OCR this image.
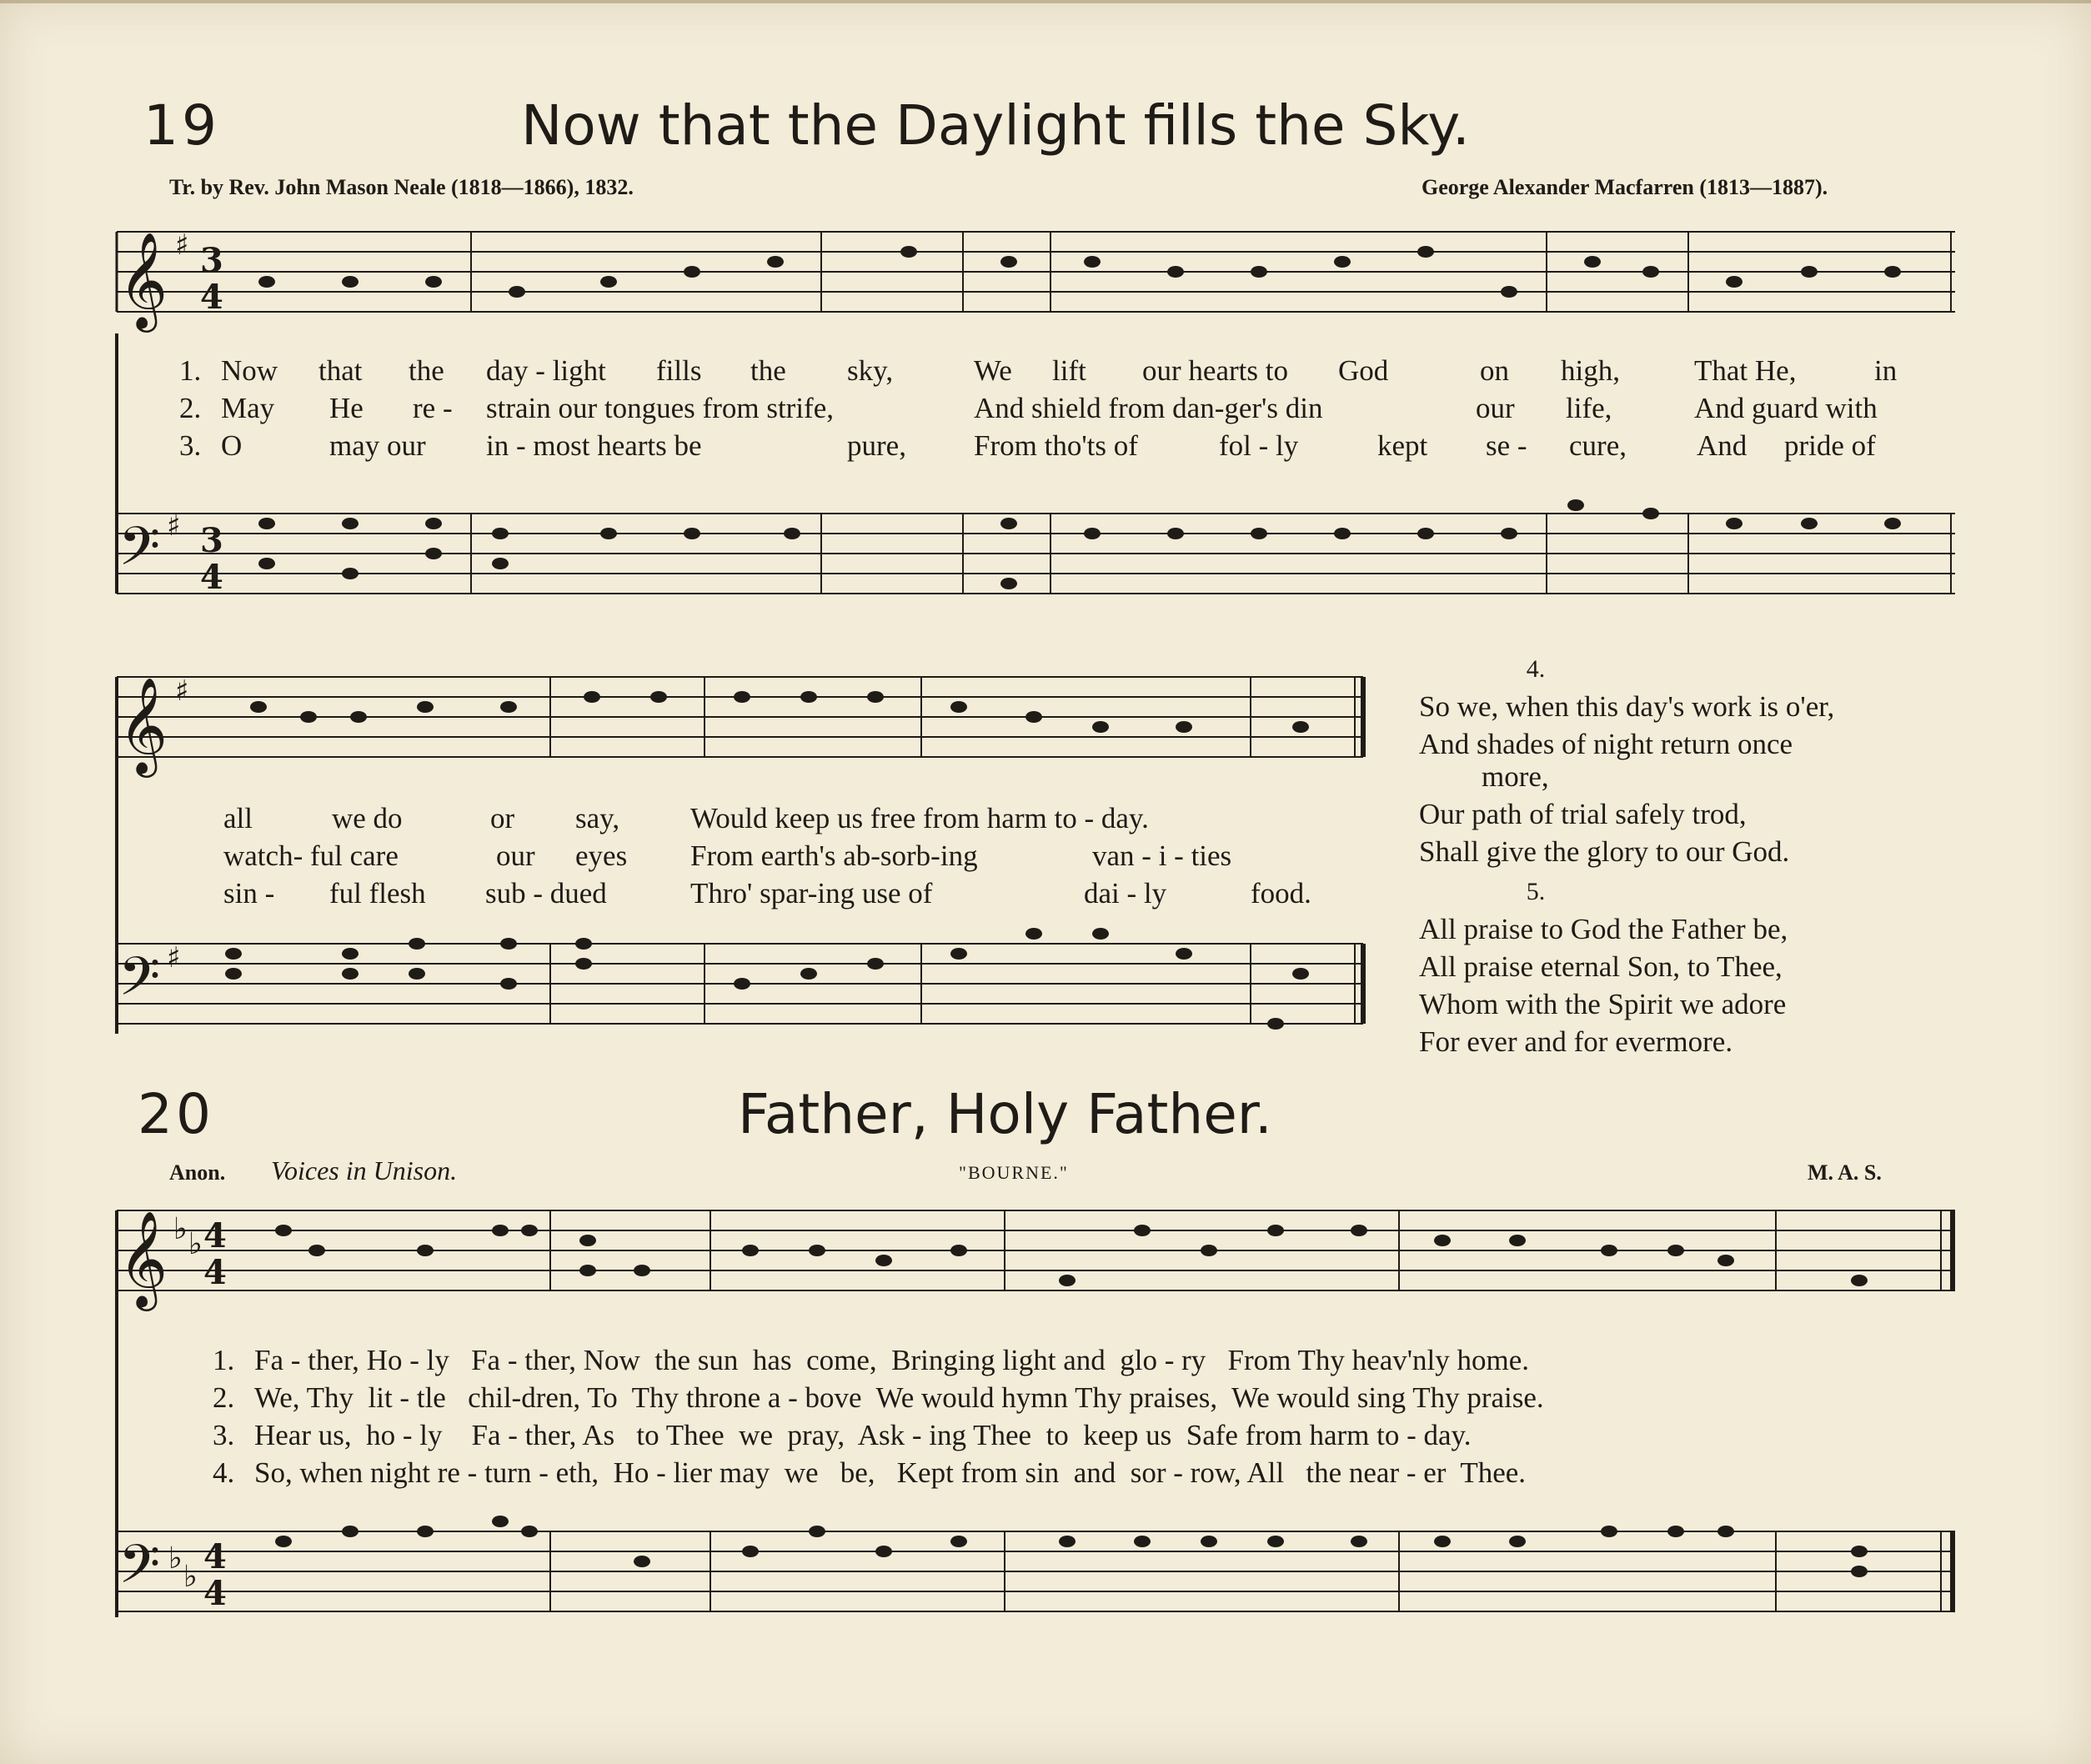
19	Now that the Daylight fills the Sky.
Tr. by Rev. John Mason Neale (1818—1866), 1832.	George Alexander Macfarren (1813—1887).
𝄞 ♯ 3
4
1. Now that the day - light fills the sky,	We lift our hearts to God	on high,	That He,	in
2. May He re - strain our tongues from strife,	And shield from dan-ger's din	our life,	And guard with
3. O	may our in - most hearts be	pure, From tho'ts of	fol - ly	kept se - cure, And pride of
𝄢 ♯ 3
4
𝄞 ♯
all	we do	or say, Would keep us free from harm to - day.
watch- ful care	our eyes From earth's ab-sorb-ing	van - i - ties
sin - ful flesh sub - dued	Thro' spar-ing use of	dai - ly	food.
𝄢 ♯
4.
So we, when this day's work is o'er,
And shades of night return once
more,
Our path of trial safely trod,
Shall give the glory to our God.
5.
All praise to God the Father be,
All praise eternal Son, to Thee,
Whom with the Spirit we adore
For ever and for evermore.
20	Father, Holy Father.
Anon. Voices in Unison.	"BOURNE."	M. A. S.
𝄞 ♭ ♭ 4
4
1. Fa - ther, Ho - ly   Fa - ther, Now  the sun  has  come,  Bringing light and  glo - ry   From Thy heav'nly home.
2. We, Thy  lit - tle   chil-dren, To  Thy throne a - bove  We would hymn Thy praises,  We would sing Thy praise.
3. Hear us,  ho - ly    Fa - ther, As   to Thee  we  pray,  Ask - ing Thee  to  keep us  Safe from harm to - day.
4. So, when night re - turn - eth,  Ho - lier may  we   be,   Kept from sin  and  sor - row, All   the near - er  Thee.
𝄢 ♭
♭
4
4
